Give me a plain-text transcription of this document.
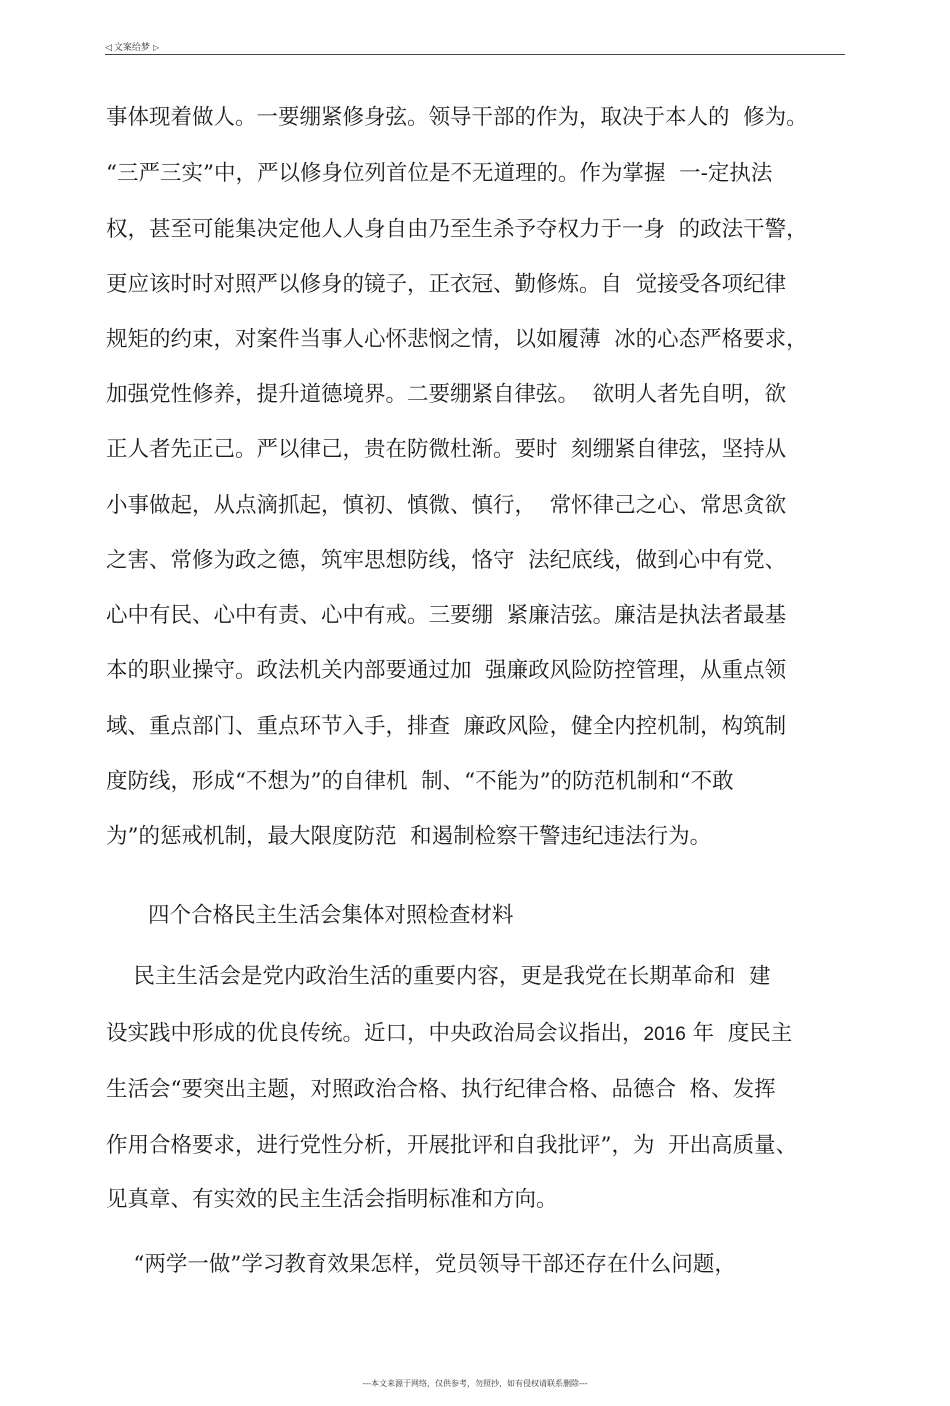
◁ 文案给梦 ▷
事体现着做人。一要绷紧修身弦。领导干部的作为，取决于本人的  修为。
“三严三实”中，严以修身位列首位是不无道理的。作为掌握  一-定执法
权，甚至可能集决定他人人身自由乃至生杀予夺权力于一身  的政法干警，
更应该时时对照严以修身的镜子，正衣冠、勤修炼。自  觉接受各项纪律
规矩的约束，对案件当事人心怀悲悯之情，以如履薄  冰的心态严格要求，
加强党性修养，提升道德境界。二要绷紧自律弦。  欲明人者先自明，欲
正人者先正己。严以律己，贵在防微杜渐。要时  刻绷紧自律弦，坚持从
小事做起，从点滴抓起，慎初、慎微、慎行，  常怀律己之心、常思贪欲
之害、常修为政之德，筑牢思想防线，恪守  法纪底线，做到心中有党、
心中有民、心中有责、心中有戒。三要绷  紧廉洁弦。廉洁是执法者最基
本的职业操守。政法机关内部要通过加  强廉政风险防控管理，从重点领
域、重点部门、重点环节入手，排查  廉政风险，健全内控机制，构筑制
度防线，形成“不想为”的自律机  制、“不能为”的防范机制和“不敢
为”的惩戒机制，最大限度防范  和遏制检察干警违纪违法行为。
四个合格民主生活会集体对照检查材料
民主生活会是党内政治生活的重要内容，更是我党在长期革命和  建
设实践中形成的优良传统。近口，中央政治局会议指出，2016 年  度民主
生活会“要突出主题，对照政治合格、执行纪律合格、品德合  格、发挥
作用合格要求，进行党性分析，开展批评和自我批评”，为  开出高质量、
见真章、有实效的民主生活会指明标准和方向。
“两学一做”学习教育效果怎样，党员领导干部还存在什么问题，
---本文来源于网络，仅供参考，勿照抄，如有侵权请联系删除---
